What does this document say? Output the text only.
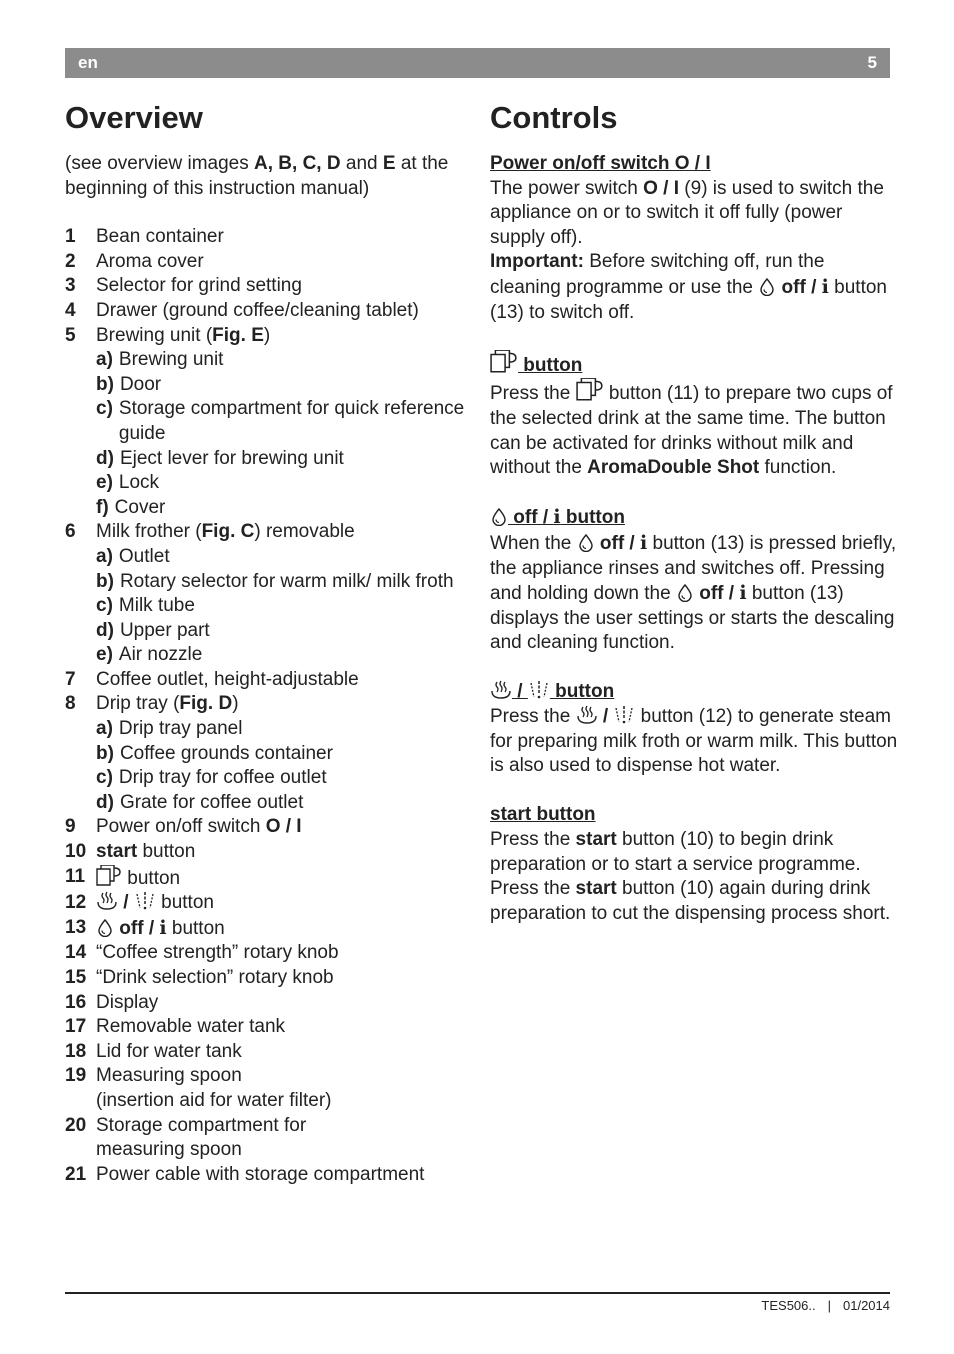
en	5
Overview

(see overview images A, B, C, D and E at the beginning of this instruction manual)

1	Bean container
2	Aroma cover
3	Selector for grind setting
4	Drawer (ground coffee/cleaning tablet)
5	Brewing unit (Fig. E)
a) Brewing unit
b) Door
c) Storage compartment for quick reference guide
d) Eject lever for brewing unit
e) Lock
f) Cover
6	Milk frother (Fig. C) removable
a) Outlet
b) Rotary selector for warm milk/ milk froth
c) Milk tube
d) Upper part
e) Air nozzle
7	Coffee outlet, height-adjustable
8	Drip tray (Fig. D)
a) Drip tray panel
b) Coffee grounds container
c) Drip tray for coffee outlet
d) Grate for coffee outlet
9	Power on/off switch O / I
10 start button
11	button
12	/  button
13	off / i button
14 “Coffee strength” rotary knob
15 “Drink selection” rotary knob
16 Display
17 Removable water tank
18 Lid for water tank
19 Measuring spoon
(insertion aid for water filter)
20 Storage compartment for
measuring spoon
21 Power cable with storage compartment
Controls
Power on/off switch O / I

The power switch O / I (9) is used to switch the appliance on or to switch it off fully (power supply off).
Important: Before switching off, run the cleaning programme or use the  off / i button (13) to switch off.

button

Press the  button (11) to prepare two cups of the selected drink at the same time. The button can be activated for drinks without milk and without the AromaDouble Shot function.

off / i button

When the  off / i button (13) is pressed briefly, the appliance rinses and switches off. Pressing and holding down the  off / i button (13) displays the user settings or starts the descaling and cleaning function.

/  button

Press the  /  button (12) to generate steam for preparing milk froth or warm milk. This button is also used to dispense hot water.

start button

Press the start button (10) to begin drink preparation or to start a service programme. Press the start button (10) again during drink preparation to cut the dispensing process short.

TES506.. | 01/2014
